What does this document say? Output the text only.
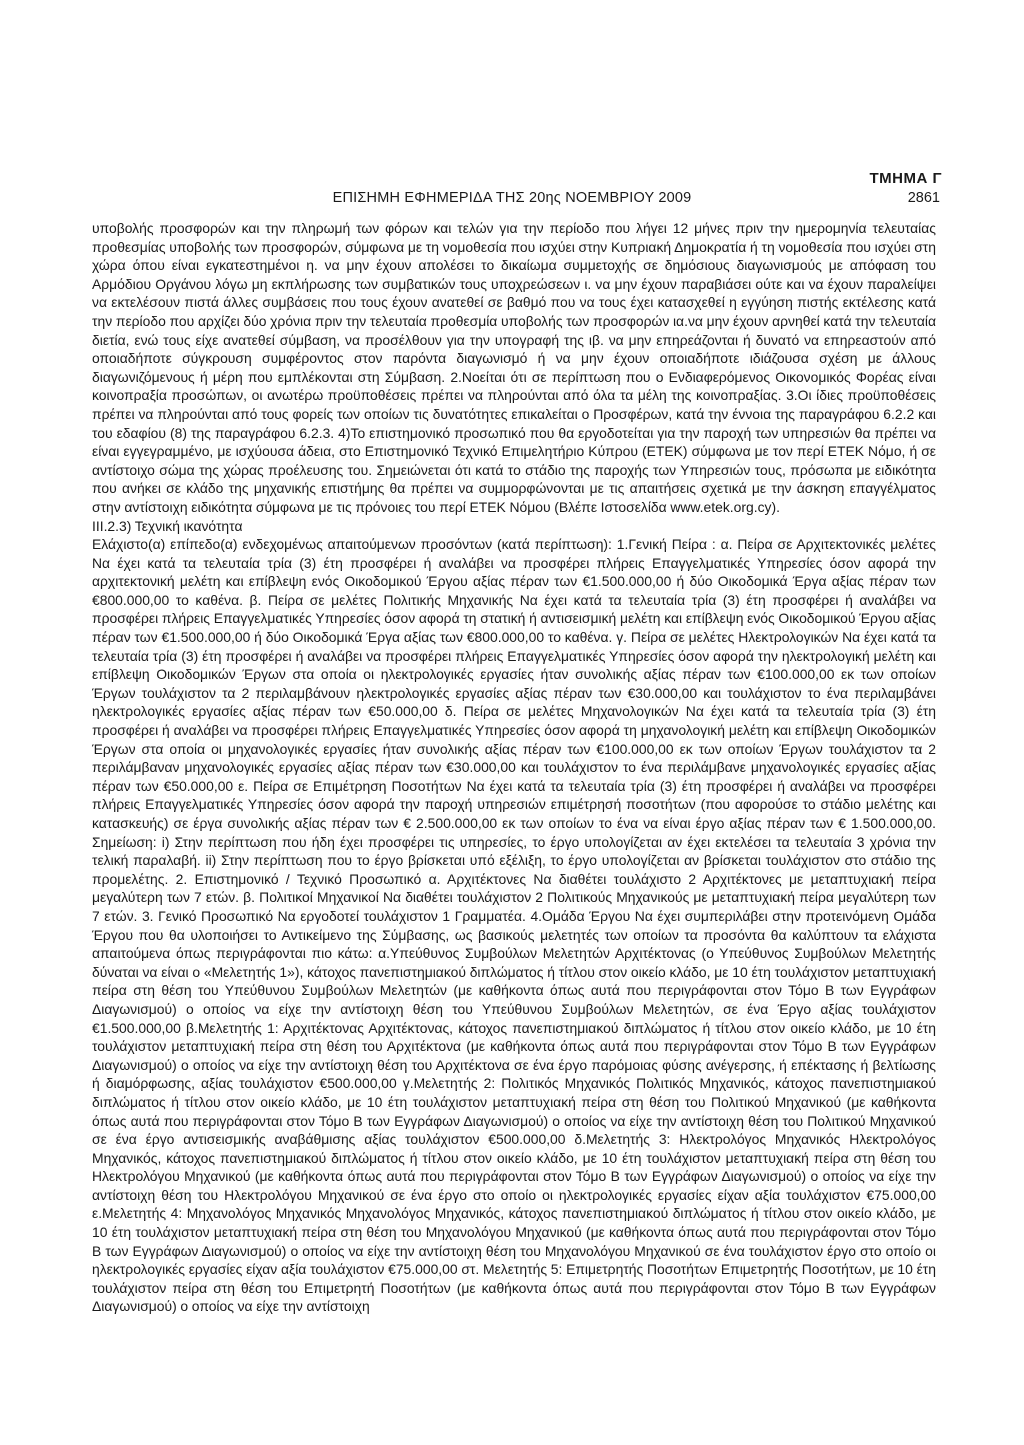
ΤΜΗΜΑ Γ
ΕΠΙΣΗΜΗ ΕΦΗΜΕΡΙΔΑ ΤΗΣ 20ης ΝΟΕΜΒΡΙΟΥ 2009	2861

υποβολής προσφορών και την πληρωμή των φόρων και τελών για την περίοδο που λήγει 12 μήνες πριν την ημερομηνία τελευταίας προθεσμίας υποβολής των προσφορών, σύμφωνα με τη νομοθεσία που ισχύει στην Κυπριακή Δημοκρατία ή τη νομοθεσία που ισχύει στη χώρα όπου είναι εγκατεστημένοι η. να μην έχουν απολέσει το δικαίωμα συμμετοχής σε δημόσιους διαγωνισμούς με απόφαση του Αρμόδιου Οργάνου λόγω μη εκπλήρωσης των συμβατικών τους υποχρεώσεων ι. να μην έχουν παραβιάσει ούτε και να έχουν παραλείψει να εκτελέσουν πιστά άλλες συμβάσεις που τους έχουν ανατεθεί σε βαθμό που να τους έχει κατασχεθεί η εγγύηση πιστής εκτέλεσης κατά την περίοδο που αρχίζει δύο χρόνια πριν την τελευταία προθεσμία υποβολής των προσφορών ια.να μην έχουν αρνηθεί κατά την τελευταία διετία, ενώ τους είχε ανατεθεί σύμβαση, να προσέλθουν για την υπογραφή της ιβ. να μην επηρεάζονται ή δυνατό να επηρεαστούν από οποιαδήποτε σύγκρουση συμφέροντος στον παρόντα διαγωνισμό ή να μην έχουν οποιαδήποτε ιδιάζουσα σχέση με άλλους διαγωνιζόμενους ή μέρη που εμπλέκονται στη Σύμβαση. 2.Νοείται ότι σε περίπτωση που ο Ενδιαφερόμενος Οικονομικός Φορέας είναι κοινοπραξία προσώπων, οι ανωτέρω προϋποθέσεις πρέπει να πληρούνται από όλα τα μέλη της κοινοπραξίας. 3.Οι ίδιες προϋποθέσεις πρέπει να πληρούνται από τους φορείς των οποίων τις δυνατότητες επικαλείται ο Προσφέρων, κατά την έννοια της παραγράφου 6.2.2 και του εδαφίου (8) της παραγράφου 6.2.3. 4)Το επιστημονικό προσωπικό που θα εργοδοτείται για την παροχή των υπηρεσιών θα πρέπει να είναι εγγεγραμμένο, με ισχύουσα άδεια, στο Επιστημονικό Τεχνικό Επιμελητήριο Κύπρου (ΕΤΕΚ) σύμφωνα με τον περί ΕΤΕΚ Νόμο, ή σε αντίστοιχο σώμα της χώρας προέλευσης του. Σημειώνεται ότι κατά το στάδιο της παροχής των Υπηρεσιών τους, πρόσωπα με ειδικότητα που ανήκει σε κλάδο της μηχανικής επιστήμης θα πρέπει να συμμορφώνονται με τις απαιτήσεις σχετικά με την άσκηση επαγγέλματος στην αντίστοιχη ειδικότητα σύμφωνα με τις πρόνοιες του περί ΕΤΕΚ Νόμου (Βλέπε Ιστοσελίδα www.etek.org.cy).

ΙΙΙ.2.3) Τεχνική ικανότητα

Ελάχιστο(α) επίπεδο(α) ενδεχομένως απαιτούμενων προσόντων (κατά περίπτωση): 1.Γενική Πείρα : α. Πείρα σε Αρχιτεκτονικές μελέτες Να έχει κατά τα τελευταία τρία (3) έτη προσφέρει ή αναλάβει να προσφέρει πλήρεις Επαγγελματικές Υπηρεσίες όσον αφορά την αρχιτεκτονική μελέτη και επίβλεψη ενός Οικοδομικού Έργου αξίας πέραν των €1.500.000,00 ή δύο Οικοδομικά Έργα αξίας πέραν των €800.000,00 το καθένα. β. Πείρα σε μελέτες Πολιτικής Μηχανικής Να έχει κατά τα τελευταία τρία (3) έτη προσφέρει ή αναλάβει να προσφέρει πλήρεις Επαγγελματικές Υπηρεσίες όσον αφορά τη στατική ή αντισεισμική μελέτη και επίβλεψη ενός Οικοδομικού Έργου αξίας πέραν των €1.500.000,00 ή δύο Οικοδομικά Έργα αξίας των €800.000,00 το καθένα. γ. Πείρα σε μελέτες Ηλεκτρολογικών Να έχει κατά τα τελευταία τρία (3) έτη προσφέρει ή αναλάβει να προσφέρει πλήρεις Επαγγελματικές Υπηρεσίες όσον αφορά την ηλεκτρολογική μελέτη και επίβλεψη Οικοδομικών Έργων στα οποία οι ηλεκτρολογικές εργασίες ήταν συνολικής αξίας πέραν των €100.000,00 εκ των οποίων Έργων τουλάχιστον τα 2 περιλαμβάνουν ηλεκτρολογικές εργασίες αξίας πέραν των €30.000,00 και τουλάχιστον το ένα περιλαμβάνει ηλεκτρολογικές εργασίες αξίας πέραν των €50.000,00 δ. Πείρα σε μελέτες Μηχανολογικών Να έχει κατά τα τελευταία τρία (3) έτη προσφέρει ή αναλάβει να προσφέρει πλήρεις Επαγγελματικές Υπηρεσίες όσον αφορά τη μηχανολογική μελέτη και επίβλεψη Οικοδομικών Έργων στα οποία οι μηχανολογικές εργασίες ήταν συνολικής αξίας πέραν των €100.000,00 εκ των οποίων Έργων τουλάχιστον τα 2 περιλάμβαναν μηχανολογικές εργασίες αξίας πέραν των €30.000,00 και τουλάχιστον το ένα περιλάμβανε μηχανολογικές εργασίες αξίας πέραν των €50.000,00 ε. Πείρα σε Επιμέτρηση Ποσοτήτων Να έχει κατά τα τελευταία τρία (3) έτη προσφέρει ή αναλάβει να προσφέρει πλήρεις Επαγγελματικές Υπηρεσίες όσον αφορά την παροχή υπηρεσιών επιμέτρησή ποσοτήτων (που αφορούσε το στάδιο μελέτης και κατασκευής) σε έργα συνολικής αξίας πέραν των € 2.500.000,00 εκ των οποίων το ένα να είναι έργο αξίας πέραν των € 1.500.000,00. Σημείωση: i) Στην περίπτωση που ήδη έχει προσφέρει τις υπηρεσίες, το έργο υπολογίζεται αν έχει εκτελέσει τα τελευταία 3 χρόνια την τελική παραλαβή. ii) Στην περίπτωση που το έργο βρίσκεται υπό εξέλιξη, το έργο υπολογίζεται αν βρίσκεται τουλάχιστον στο στάδιο της προμελέτης. 2. Επιστημονικό / Τεχνικό Προσωπικό α. Αρχιτέκτονες Να διαθέτει τουλάχιστο 2 Αρχιτέκτονες με μεταπτυχιακή πείρα μεγαλύτερη των 7 ετών. β. Πολιτικοί Μηχανικοί Να διαθέτει τουλάχιστον 2 Πολιτικούς Μηχανικούς με μεταπτυχιακή πείρα μεγαλύτερη των 7 ετών. 3. Γενικό Προσωπικό Να εργοδοτεί τουλάχιστον 1 Γραμματέα. 4.Ομάδα Έργου Να έχει συμπεριλάβει στην προτεινόμενη Ομάδα Έργου που θα υλοποιήσει το Αντικείμενο της Σύμβασης, ως βασικούς μελετητές των οποίων τα προσόντα θα καλύπτουν τα ελάχιστα απαιτούμενα όπως περιγράφονται πιο κάτω: α.Υπεύθυνος Συμβούλων Μελετητών Αρχιτέκτονας (ο Υπεύθυνος Συμβούλων Μελετητής δύναται να είναι ο «Μελετητής 1»), κάτοχος πανεπιστημιακού διπλώματος ή τίτλου στον οικείο κλάδο, με 10 έτη τουλάχιστον μεταπτυχιακή πείρα στη θέση του Υπεύθυνου Συμβούλων Μελετητών (με καθήκοντα όπως αυτά που περιγράφονται στον Τόμο Β των Εγγράφων Διαγωνισμού) ο οποίος να είχε την αντίστοιχη θέση του Υπεύθυνου Συμβούλων Μελετητών, σε ένα Έργο αξίας τουλάχιστον €1.500.000,00 β.Μελετητής 1: Αρχιτέκτονας Αρχιτέκτονας, κάτοχος πανεπιστημιακού διπλώματος ή τίτλου στον οικείο κλάδο, με 10 έτη τουλάχιστον μεταπτυχιακή πείρα στη θέση του Αρχιτέκτονα (με καθήκοντα όπως αυτά που περιγράφονται στον Τόμο Β των Εγγράφων Διαγωνισμού) ο οποίος να είχε την αντίστοιχη θέση του Αρχιτέκτονα σε ένα έργο παρόμοιας φύσης ανέγερσης, ή επέκτασης ή βελτίωσης ή διαμόρφωσης, αξίας τουλάχιστον €500.000,00 γ.Μελετητής 2: Πολιτικός Μηχανικός Πολιτικός Μηχανικός, κάτοχος πανεπιστημιακού διπλώματος ή τίτλου στον οικείο κλάδο, με 10 έτη τουλάχιστον μεταπτυχιακή πείρα στη θέση του Πολιτικού Μηχανικού (με καθήκοντα όπως αυτά που περιγράφονται στον Τόμο Β των Εγγράφων Διαγωνισμού) ο οποίος να είχε την αντίστοιχη θέση του Πολιτικού Μηχανικού σε ένα έργο αντισεισμικής αναβάθμισης αξίας τουλάχιστον €500.000,00 δ.Μελετητής 3: Ηλεκτρολόγος Μηχανικός Ηλεκτρολόγος Μηχανικός, κάτοχος πανεπιστημιακού διπλώματος ή τίτλου στον οικείο κλάδο, με 10 έτη τουλάχιστον μεταπτυχιακή πείρα στη θέση του Ηλεκτρολόγου Μηχανικού (με καθήκοντα όπως αυτά που περιγράφονται στον Τόμο Β των Εγγράφων Διαγωνισμού) ο οποίος να είχε την αντίστοιχη θέση του Ηλεκτρολόγου Μηχανικού σε ένα έργο στο οποίο οι ηλεκτρολογικές εργασίες είχαν αξία τουλάχιστον €75.000,00 ε.Μελετητής 4: Μηχανολόγος Μηχανικός Μηχανολόγος Μηχανικός, κάτοχος πανεπιστημιακού διπλώματος ή τίτλου στον οικείο κλάδο, με 10 έτη τουλάχιστον μεταπτυχιακή πείρα στη θέση του Μηχανολόγου Μηχανικού (με καθήκοντα όπως αυτά που περιγράφονται στον Τόμο Β των Εγγράφων Διαγωνισμού) ο οποίος να είχε την αντίστοιχη θέση του Μηχανολόγου Μηχανικού σε ένα τουλάχιστον έργο στο οποίο οι ηλεκτρολογικές εργασίες είχαν αξία τουλάχιστον €75.000,00 στ. Μελετητής 5: Επιμετρητής Ποσοτήτων Επιμετρητής Ποσοτήτων, με 10 έτη τουλάχιστον πείρα στη θέση του Επιμετρητή Ποσοτήτων (με καθήκοντα όπως αυτά που περιγράφονται στον Τόμο Β των Εγγράφων Διαγωνισμού) ο οποίος να είχε την αντίστοιχη
